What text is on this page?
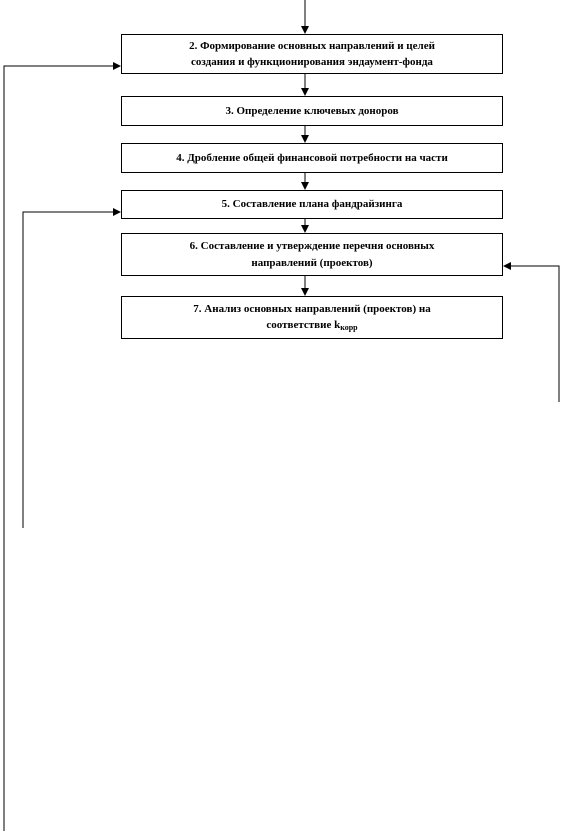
2. Формирование основных направлений и целей
создания и функционирования эндаумент-фонда
3. Определение ключевых доноров
4. Дробление общей финансовой потребности на части
5. Составление плана фандрайзинга
6. Составление и утверждение перечня основных
направлений (проектов)
7. Анализ основных направлений (проектов) на
соответствие $k_{корр}$
